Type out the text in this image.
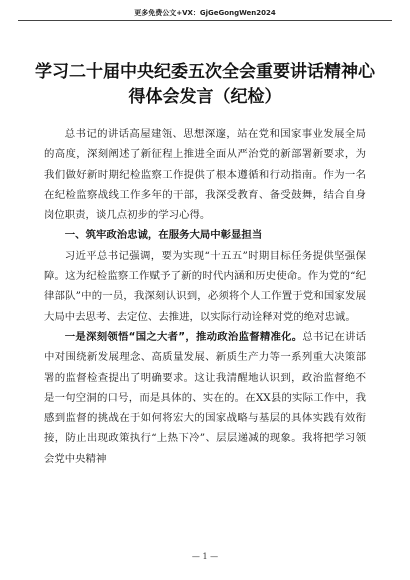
更多免费公文+VX：GjGeGongWen2024
学习二十届中央纪委五次全会重要讲话精神心得体会发言（纪检）

总书记的讲话高屋建瓴、思想深邃，站在党和国家事业发展全局的高度，深刻阐述了新征程上推进全面从严治党的新部署新要求，为我们做好新时期纪检监察工作提供了根本遵循和行动指南。作为一名在纪检监察战线工作多年的干部，我深受教育、备受鼓舞，结合自身岗位职责，谈几点初步的学习心得。

一、筑牢政治忠诚，在服务大局中彰显担当

习近平总书记强调，要为实现“十五五”时期目标任务提供坚强保障。这为纪检监察工作赋予了新的时代内涵和历史使命。作为党的“纪律部队”中的一员，我深刻认识到，必须将个人工作置于党和国家发展大局中去思考、去定位、去推进，以实际行动诠释对党的绝对忠诚。

一是深刻领悟“国之大者”，推动政治监督精准化。总书记在讲话中对围绕新发展理念、高质量发展、新质生产力等一系列重大决策部署的监督检查提出了明确要求。这让我清醒地认识到，政治监督绝不是一句空洞的口号，而是具体的、实在的。在XX县的实际工作中，我感到监督的挑战在于如何将宏大的国家战略与基层的具体实践有效衔接，防止出现政策执行“上热下冷”、层层递减的现象。我将把学习领会党中央精神

— 1 —
